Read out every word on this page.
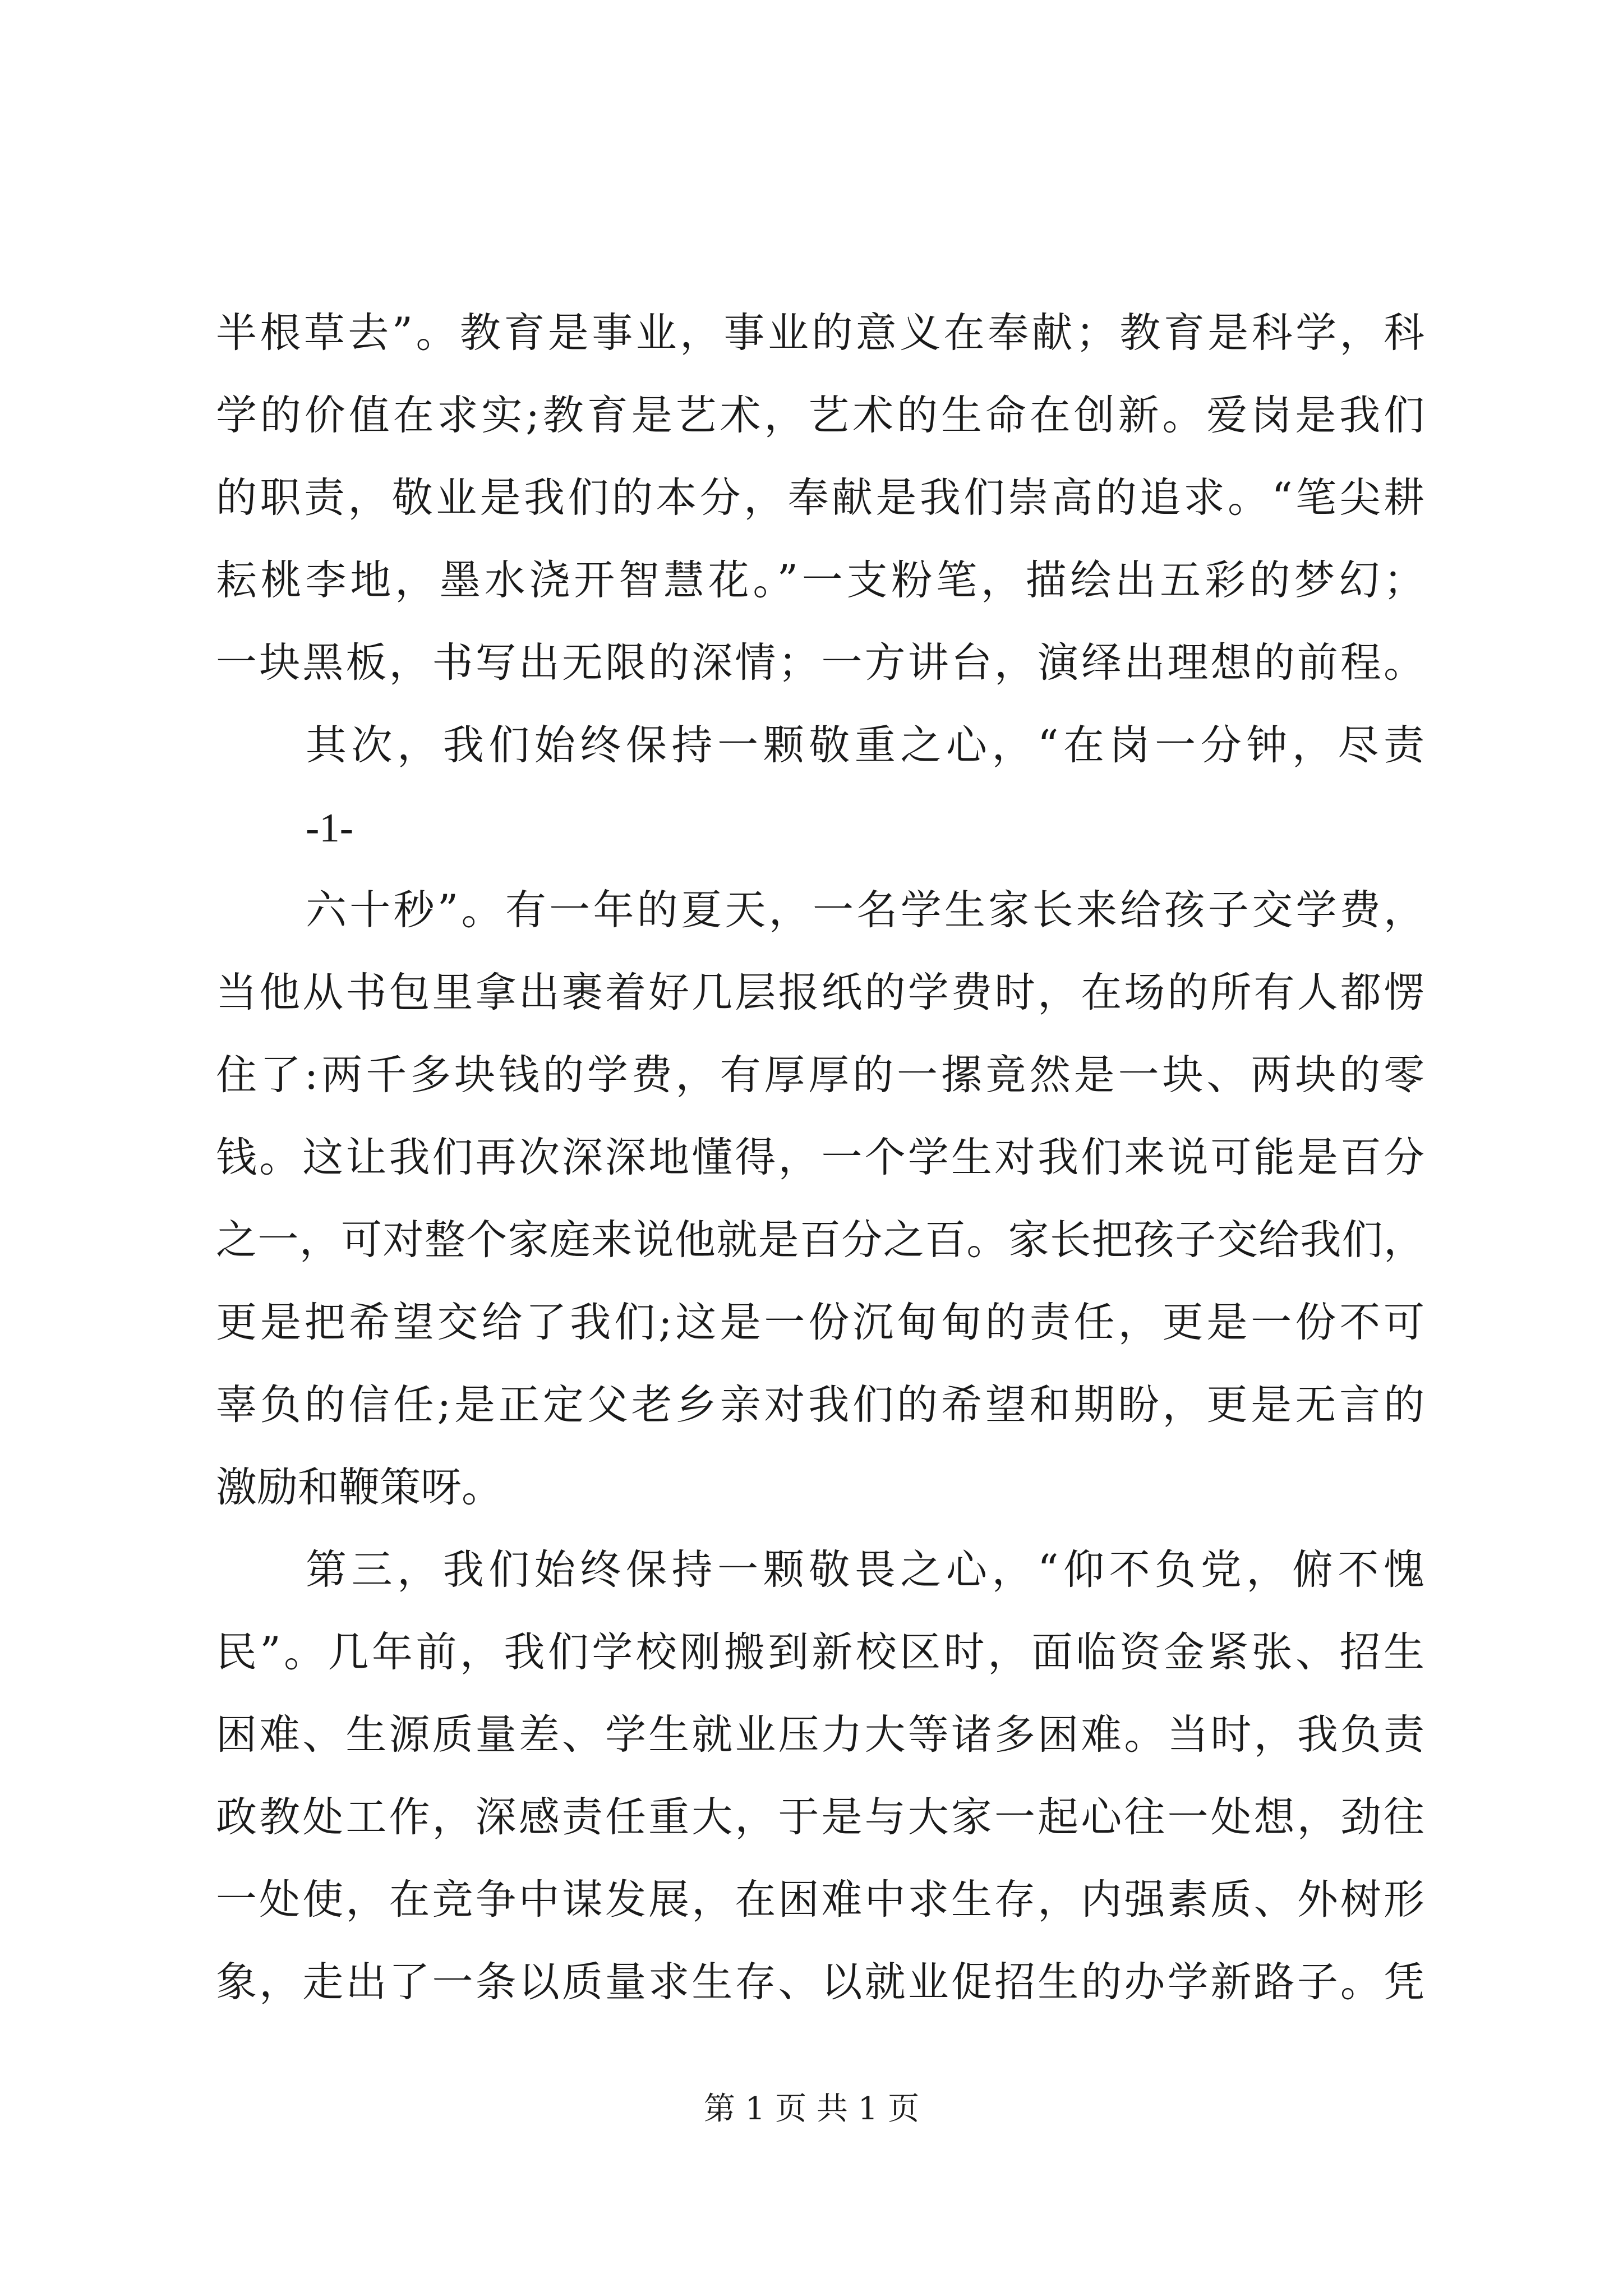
半根草去”。教育是事业，事业的意义在奉献；教育是科学，科
学的价值在求实;教育是艺术，艺术的生命在创新。爱岗是我们
的职责，敬业是我们的本分，奉献是我们崇高的追求。“笔尖耕
耘桃李地，墨水浇开智慧花。”一支粉笔，描绘出五彩的梦幻；
一块黑板，书写出无限的深情；一方讲台，演绎出理想的前程。
其次，我们始终保持一颗敬重之心，“在岗一分钟，尽责
-1-
六十秒”。有一年的夏天，一名学生家长来给孩子交学费，
当他从书包里拿出裹着好几层报纸的学费时，在场的所有人都愣
住了:两千多块钱的学费，有厚厚的一摞竟然是一块、两块的零
钱。这让我们再次深深地懂得，一个学生对我们来说可能是百分
之一，可对整个家庭来说他就是百分之百。家长把孩子交给我们，
更是把希望交给了我们;这是一份沉甸甸的责任，更是一份不可
辜负的信任;是正定父老乡亲对我们的希望和期盼，更是无言的
激励和鞭策呀。
第三，我们始终保持一颗敬畏之心，“仰不负党，俯不愧
民”。几年前，我们学校刚搬到新校区时，面临资金紧张、招生
困难、生源质量差、学生就业压力大等诸多困难。当时，我负责
政教处工作，深感责任重大，于是与大家一起心往一处想，劲往
一处使，在竞争中谋发展，在困难中求生存，内强素质、外树形
象，走出了一条以质量求生存、以就业促招生的办学新路子。凭
第 1 页 共 1 页
